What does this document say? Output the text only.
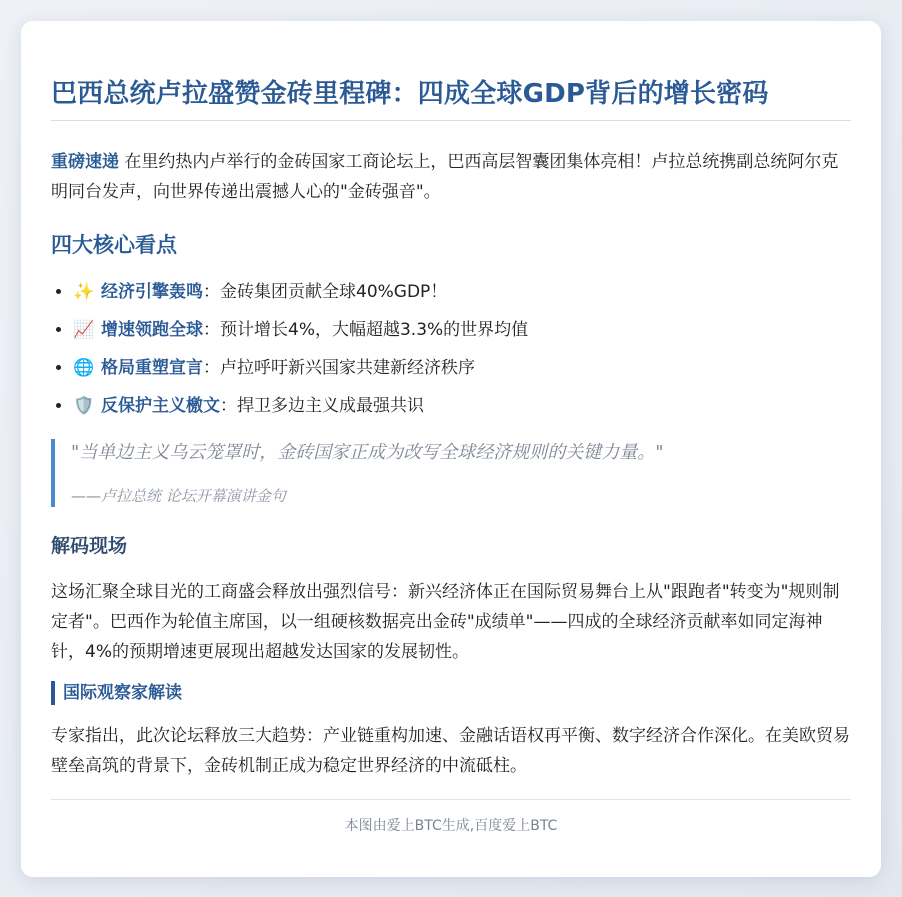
巴西总统卢拉盛赞金砖里程碑：四成全球GDP背后的增长密码
重磅速递 在里约热内卢举行的金砖国家工商论坛上，巴西高层智囊团集体亮相！卢拉总统携副总统阿尔克明同台发声，向世界传递出震撼人心的"金砖强音"。
四大核心看点
• ✨ 经济引擎轰鸣：金砖集团贡献全球40%GDP！
• 📈 增速领跑全球：预计增长4%，大幅超越3.3%的世界均值
• 🌐 格局重塑宣言：卢拉呼吁新兴国家共建新经济秩序
• 🛡️ 反保护主义檄文：捍卫多边主义成最强共识
"当单边主义乌云笼罩时，金砖国家正成为改写全球经济规则的关键力量。"
——卢拉总统 论坛开幕演讲金句
解码现场
这场汇聚全球目光的工商盛会释放出强烈信号：新兴经济体正在国际贸易舞台上从"跟跑者"转变为"规则制定者"。巴西作为轮值主席国，以一组硬核数据亮出金砖"成绩单"——四成的全球经济贡献率如同定海神针，4%的预期增速更展现出超越发达国家的发展韧性。
国际观察家解读
专家指出，此次论坛释放三大趋势：产业链重构加速、金融话语权再平衡、数字经济合作深化。在美欧贸易壁垒高筑的背景下，金砖机制正成为稳定世界经济的中流砥柱。
本图由爱上BTC生成,百度爱上BTC
